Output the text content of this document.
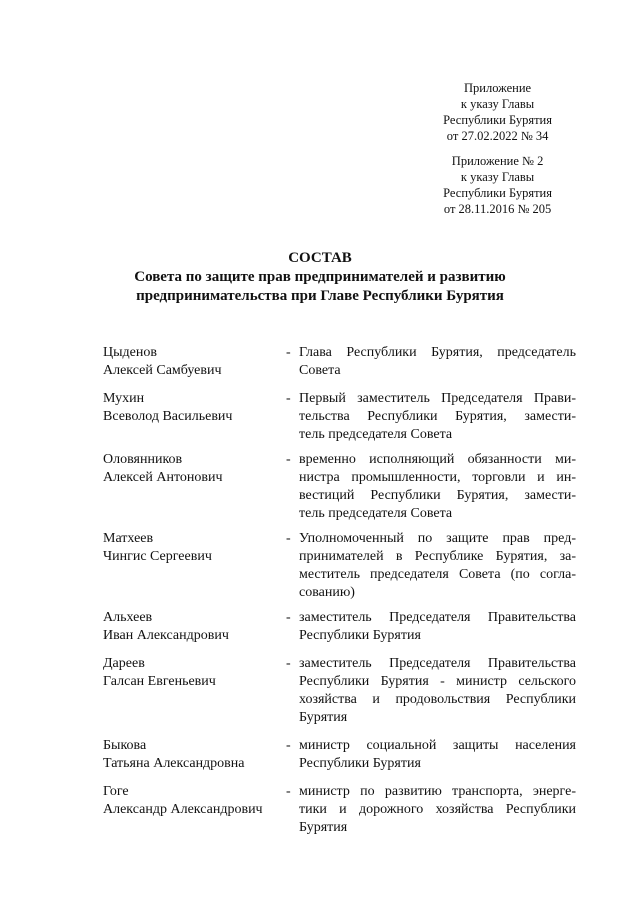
Приложение
к указу Главы
Республики Бурятия
от 27.02.2022 № 34
Приложение № 2
к указу Главы
Республики Бурятия
от 28.11.2016 № 205
СОСТАВ
Совета по защите прав предпринимателей и развитию
предпринимательства при Главе Республики Бурятия
Цыденов
Алексей Самбуевич
- Глава Республики Бурятия, председатель
Совета
Мухин
Всеволод Васильевич
- Первый заместитель Председателя Прави-
тельства Республики Бурятия, замести-
тель председателя Совета
Оловянников
Алексей Антонович
- временно исполняющий обязанности ми-
нистра промышленности, торговли и ин-
вестиций Республики Бурятия, замести-
тель председателя Совета
Матхеев
Чингис Сергеевич
- Уполномоченный по защите прав пред-
принимателей в Республике Бурятия, за-
меститель председателя Совета (по согла-
сованию)
Альхеев
Иван Александрович
- заместитель Председателя Правительства
Республики Бурятия
Дареев
Галсан Евгеньевич
- заместитель Председателя Правительства
Республики Бурятия - министр сельского
хозяйства и продовольствия Республики
Бурятия
Быкова
Татьяна Александровна
- министр социальной защиты населения
Республики Бурятия
Гоге
Александр Александрович
- министр по развитию транспорта, энерге-
тики и дорожного хозяйства Республики
Бурятия
